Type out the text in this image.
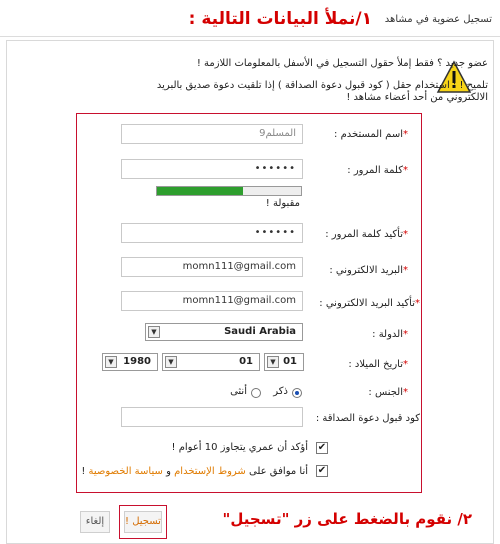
تسجيل عضوية في مشاهد
١/نملأ البيانات التالية :
عضو جديد ؟ فقط إملأ حقول التسجيل في الأسفل بالمعلومات اللازمة !
تلميح ! : استخدام حقل ( كود قبول دعوة الصداقة ) إذا تلقيت دعوة صديق بالبريد الالكتروني من أحد أعضاء مشاهد !
*اسم المستخدم :
المسلم9
*كلمة المرور :
••••••
مقبولة !
*تأكيد كلمة المرور :
••••••
*البريد الالكتروني :
momn111@gmail.com
*تأكيد البريد الالكتروني :
momn111@gmail.com
*الدولة :
▼	Saudi Arabia
*تاريخ الميلاد :
▼ 1980	▼	01	▼ 01
*الجنس :
ذكر
أنثى
كود قبول دعوة الصداقة :
✔
أؤكد أن عمري يتجاوز 10 أعوام !
✔
أنا موافق على شروط الإستخدام و سياسة الخصوصية !
تسجيل !
إلغاء	٢/ نقوم بالضغط على زر "تسجيل"
